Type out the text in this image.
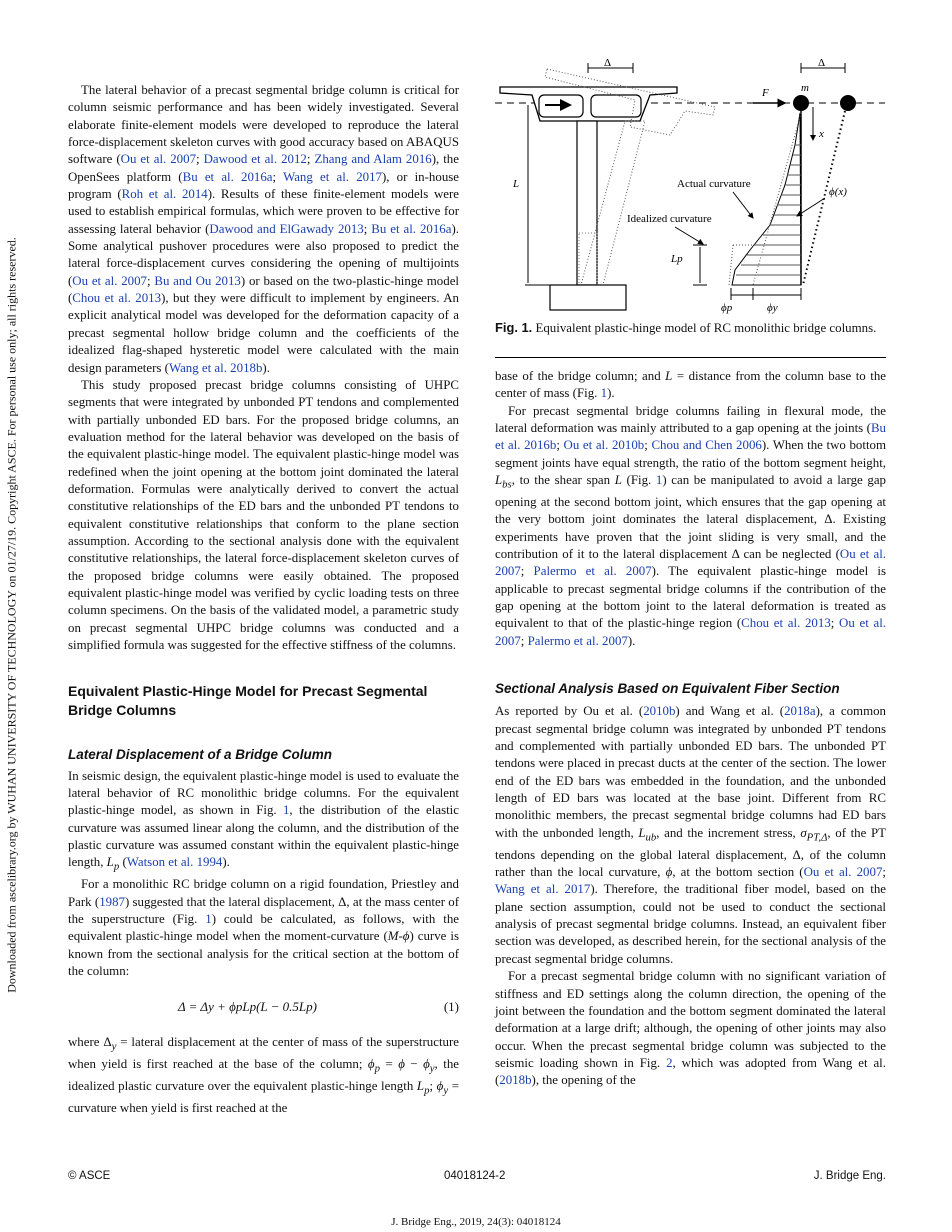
Downloaded from ascelibrary.org by WUHAN UNIVERSITY OF TECHNOLOGY on 01/27/19. Copyright ASCE. For personal use only; all rights reserved.

The lateral behavior of a precast segmental bridge column is critical for column seismic performance and has been widely investigated. Several elaborate finite-element models were developed to reproduce the lateral force-displacement skeleton curves with good accuracy based on ABAQUS software (Ou et al. 2007; Dawood et al. 2012; Zhang and Alam 2016), the OpenSees platform (Bu et al. 2016a; Wang et al. 2017), or in-house program (Roh et al. 2014). Results of these finite-element models were used to establish empirical formulas, which were proven to be effective for assessing lateral behavior (Dawood and ElGawady 2013; Bu et al. 2016a). Some analytical pushover procedures were also proposed to predict the lateral force-displacement curves considering the opening of multijoints (Ou et al. 2007; Bu and Ou 2013) or based on the two-plastic-hinge model (Chou et al. 2013), but they were difficult to implement by engineers. An explicit analytical model was developed for the deformation capacity of a precast segmental hollow bridge column and the coefficients of the idealized flag-shaped hysteretic model were calculated with the main design parameters (Wang et al. 2018b).

This study proposed precast bridge columns consisting of UHPC segments that were integrated by unbonded PT tendons and complemented with partially unbonded ED bars. For the proposed bridge columns, an evaluation method for the lateral behavior was developed on the basis of the equivalent plastic-hinge model. The equivalent plastic-hinge model was redefined when the joint opening at the bottom joint dominated the lateral deformation. Formulas were analytically derived to convert the actual constitutive relationships of the ED bars and the unbonded PT tendons to equivalent constitutive relationships that conform to the plane section assumption. According to the sectional analysis done with the equivalent constitutive relationships, the lateral force-displacement skeleton curves of the proposed bridge columns were easily obtained. The proposed equivalent plastic-hinge model was verified by cyclic loading tests on three column specimens. On the basis of the validated model, a parametric study on precast segmental UHPC bridge columns was conducted and a simplified formula was suggested for the effective stiffness of the columns.

Equivalent Plastic-Hinge Model for Precast Segmental Bridge Columns
Lateral Displacement of a Bridge Column

In seismic design, the equivalent plastic-hinge model is used to evaluate the lateral behavior of RC monolithic bridge columns. For the equivalent plastic-hinge model, as shown in Fig. 1, the distribution of the elastic curvature was assumed linear along the column, and the distribution of the plastic curvature was assumed constant within the equivalent plastic-hinge length, $L_p$ (Watson et al. 1994).

For a monolithic RC bridge column on a rigid foundation, Priestley and Park (1987) suggested that the lateral displacement, Δ, at the mass center of the superstructure (Fig. 1) could be calculated, as follows, with the equivalent plastic-hinge model when the moment-curvature (M-ϕ) curve is known from the sectional analysis for the critical section at the bottom of the column:

Δ = Δy + ϕpLp(L − 0.5Lp)	(1)

where $\Delta_y$ = lateral displacement at the center of mass of the superstructure when yield is first reached at the base of the column; $\phi_p = \phi - \phi_y$, the idealized plastic curvature over the equivalent plastic-hinge length $L_p$; $\phi_y$ = curvature when yield is first reached at the

L
Δ	Δ
F	m
x
Actual curvature
Idealized curvature
ϕ(x)
Lp
ϕp	ϕy
Fig. 1. Equivalent plastic-hinge model of RC monolithic bridge columns.

base of the bridge column; and L = distance from the column base to the center of mass (Fig. 1).

For precast segmental bridge columns failing in flexural mode, the lateral deformation was mainly attributed to a gap opening at the joints (Bu et al. 2016b; Ou et al. 2010b; Chou and Chen 2006). When the two bottom segment joints have equal strength, the ratio of the bottom segment height, $L_{bs}$, to the shear span L (Fig. 1) can be manipulated to avoid a large gap opening at the second bottom joint, which ensures that the gap opening at the very bottom joint dominates the lateral displacement, Δ. Existing experiments have proven that the joint sliding is very small, and the contribution of it to the lateral displacement Δ can be neglected (Ou et al. 2007; Palermo et al. 2007). The equivalent plastic-hinge model is applicable to precast segmental bridge columns if the contribution of the gap opening at the bottom joint to the lateral deformation is treated as equivalent to that of the plastic-hinge region (Chou et al. 2013; Ou et al. 2007; Palermo et al. 2007).

Sectional Analysis Based on Equivalent Fiber Section

As reported by Ou et al. (2010b) and Wang et al. (2018a), a common precast segmental bridge column was integrated by unbonded PT tendons and complemented with partially unbonded ED bars. The unbonded PT tendons were placed in precast ducts at the center of the section. The lower end of the ED bars was embedded in the foundation, and the unbonded length of ED bars was located at the base joint. Different from RC monolithic members, the precast segmental bridge columns had ED bars with the unbonded length, $L_{ub}$, and the increment stress, $\sigma_{PT,\Delta}$, of the PT tendons depending on the global lateral displacement, Δ, of the column rather than the local curvature, ϕ, at the bottom section (Ou et al. 2007; Wang et al. 2017). Therefore, the traditional fiber model, based on the plane section assumption, could not be used to conduct the sectional analysis of precast segmental bridge columns. Instead, an equivalent fiber section was developed, as described herein, for the sectional analysis of the precast segmental bridge columns.

For a precast segmental bridge column with no significant variation of stiffness and ED settings along the column direction, the opening of the joint between the foundation and the bottom segment dominated the lateral deformation at a large drift; although, the opening of other joints may also occur. When the precast segmental bridge column was subjected to the seismic loading shown in Fig. 2, which was adopted from Wang et al. (2018b), the opening of the

© ASCE	04018124-2	J. Bridge Eng.
J. Bridge Eng., 2019, 24(3): 04018124
